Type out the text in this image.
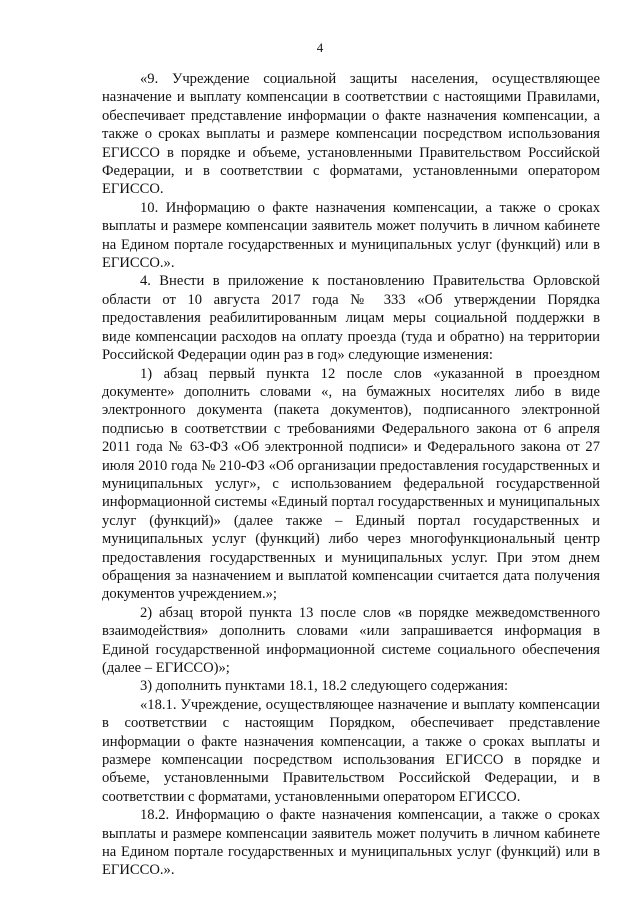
4

«9. Учреждение социальной защиты населения, осуществляющее назначение и выплату компенсации в соответствии с настоящими Правилами, обеспечивает представление информации о факте назначения компенсации, а также о сроках выплаты и размере компенсации посредством использования ЕГИССО в порядке и объеме, установленными Правительством Российской Федерации, и в соответствии с форматами, установленными оператором ЕГИССО.

10. Информацию о факте назначения компенсации, а также о сроках выплаты и размере компенсации заявитель может получить в личном кабинете на Едином портале государственных и муниципальных услуг (функций) или в ЕГИССО.».

4. Внести в приложение к постановлению Правительства Орловской области от 10 августа 2017 года № 333 «Об утверждении Порядка предоставления реабилитированным лицам меры социальной поддержки в виде компенсации расходов на оплату проезда (туда и обратно) на территории Российской Федерации один раз в год» следующие изменения:

1) абзац первый пункта 12 после слов «указанной в проездном документе» дополнить словами «, на бумажных носителях либо в виде электронного документа (пакета документов), подписанного электронной подписью в соответствии с требованиями Федерального закона от 6 апреля 2011 года № 63-ФЗ «Об электронной подписи» и Федерального закона от 27 июля 2010 года № 210-ФЗ «Об организации предоставления государственных и муниципальных услуг», с использованием федеральной государственной информационной системы «Единый портал государственных и муниципальных услуг (функций)» (далее также – Единый портал государственных и муниципальных услуг (функций) либо через многофункциональный центр предоставления государственных и муниципальных услуг. При этом днем обращения за назначением и выплатой компенсации считается дата получения документов учреждением.»;

2) абзац второй пункта 13 после слов «в порядке межведомственного взаимодействия» дополнить словами «или запрашивается информация в Единой государственной информационной системе социального обеспечения (далее – ЕГИССО)»;

3) дополнить пунктами 18.1, 18.2 следующего содержания:

«18.1. Учреждение, осуществляющее назначение и выплату компенсации в соответствии с настоящим Порядком, обеспечивает представление информации о факте назначения компенсации, а также о сроках выплаты и размере компенсации посредством использования ЕГИССО в порядке и объеме, установленными Правительством Российской Федерации, и в соответствии с форматами, установленными оператором ЕГИССО.

18.2. Информацию о факте назначения компенсации, а также о сроках выплаты и размере компенсации заявитель может получить в личном кабинете на Едином портале государственных и муниципальных услуг (функций) или в ЕГИССО.».
